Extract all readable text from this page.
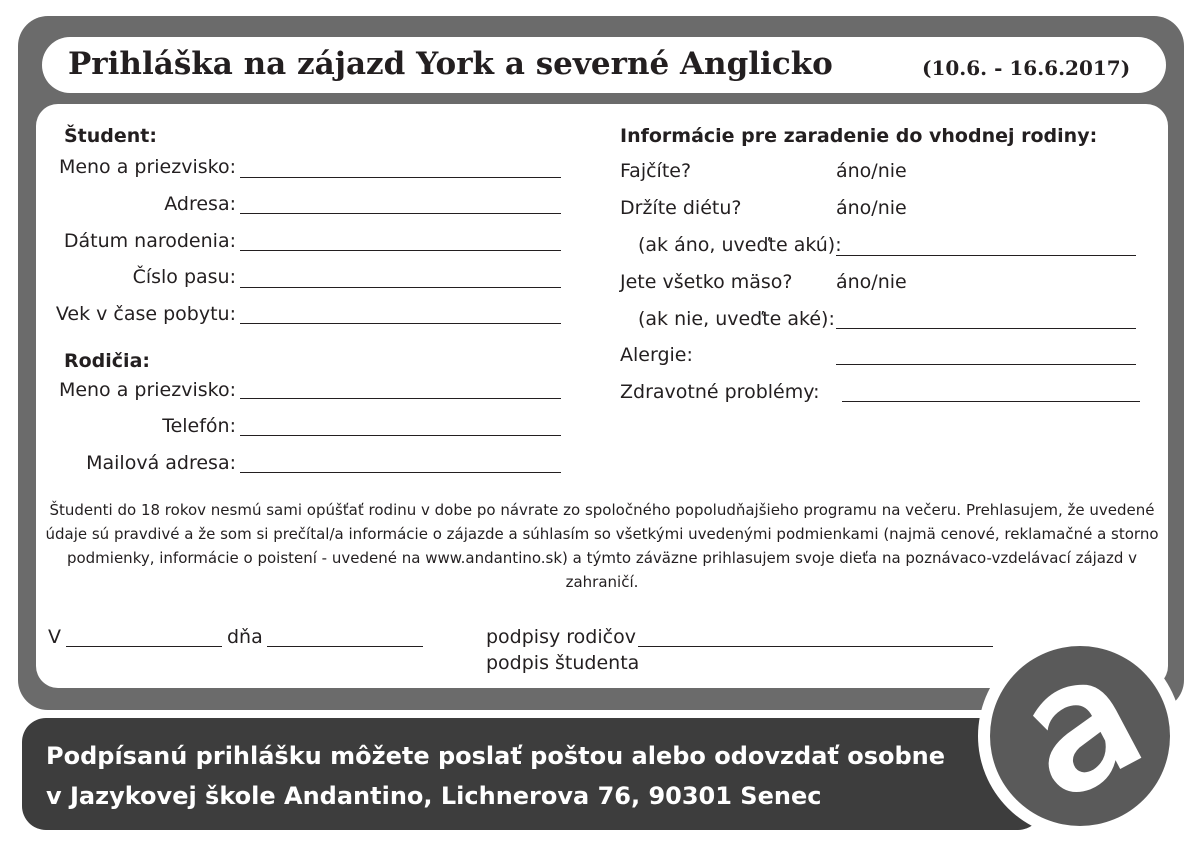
Prihláška na zájazd York a severné Anglicko	(10.6. - 16.6.2017)
Študent:
Meno a priezvisko:
Adresa:
Dátum narodenia:
Číslo pasu:
Vek v čase pobytu:
Rodičia:
Meno a priezvisko:
Telefón:
Mailová adresa:
Informácie pre zaradenie do vhodnej rodiny:
Fajčíte?	áno/nie
Držíte diétu?	áno/nie
(ak áno, uveďte akú):
Jete všetko mäso? áno/nie
(ak nie, uveďte aké):
Alergie:
Zdravotné problémy:
Študenti do 18 rokov nesmú sami opúšťať rodinu v dobe po návrate zo spoločného popoludňajšieho programu na večeru. Prehlasujem, že uvedené údaje sú pravdivé a že som si prečítal/a informácie o zájazde a súhlasím so všetkými uvedenými podmienkami (najmä cenové, reklamačné a storno podmienky, informácie o poistení - uvedené na www.andantino.sk) a týmto záväzne prihlasujem svoje dieťa na poznávaco-vzdelávací zájazd v zahraničí.
V	dňa	podpisy rodičov
podpis študenta
Podpísanú prihlášku môžete poslať poštou alebo odovzdať osobne
v Jazykovej škole Andantino, Lichnerova 76, 90301 Senec
